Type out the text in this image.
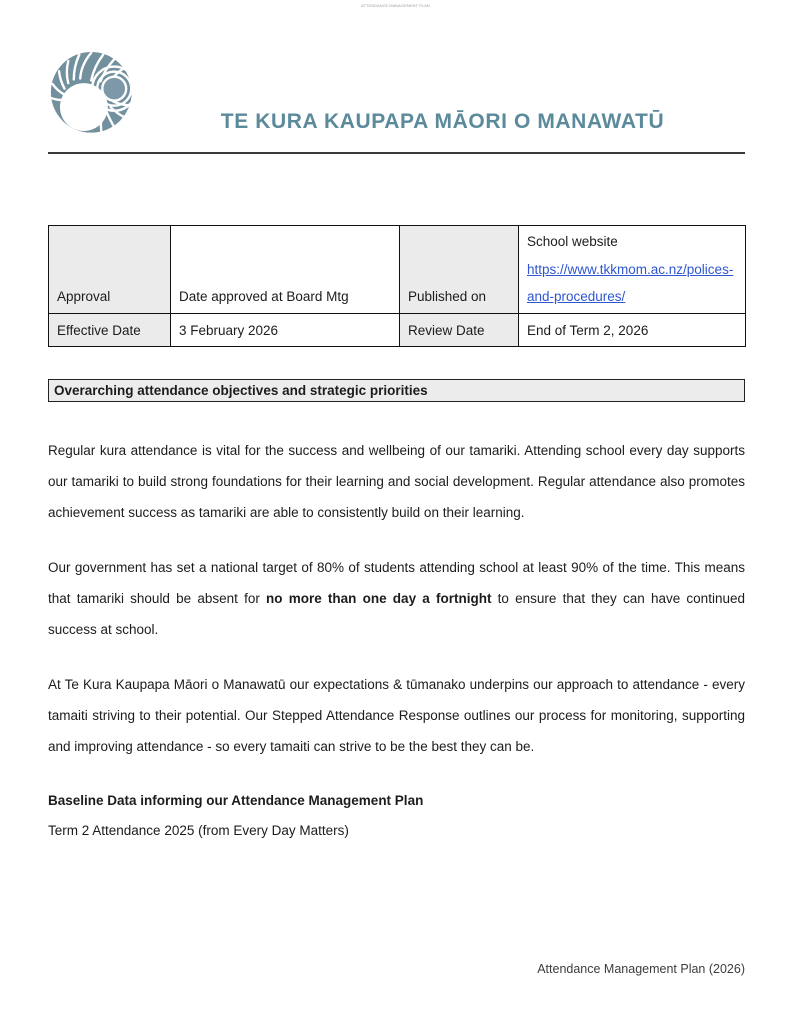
ATTENDANCE MANAGEMENT PLAN
TE KURA KAUPAPA MĀORI O MANAWATŪ
Approval	Date approved at Board Mtg	Published on	School website
https://www.tkkmom.ac.nz/polices-and-procedures/
Effective Date	3 February 2026	Review Date	End of Term 2, 2026
Overarching attendance objectives and strategic priorities

Regular kura attendance is vital for the success and wellbeing of our tamariki. Attending school every day supports our tamariki to build strong foundations for their learning and social development. Regular attendance also promotes achievement success as tamariki are able to consistently build on their learning.

Our government has set a national target of 80% of students attending school at least 90% of the time. This means that tamariki should be absent for no more than one day a fortnight to ensure that they can have continued success at school.

At Te Kura Kaupapa Māori o Manawatū our expectations & tūmanako underpins our approach to attendance - every tamaiti striving to their potential. Our Stepped Attendance Response outlines our process for monitoring, supporting and improving attendance - so every tamaiti can strive to be the best they can be.

Baseline Data informing our Attendance Management Plan
Term 2 Attendance 2025 (from Every Day Matters)
Attendance Management Plan (2026)
